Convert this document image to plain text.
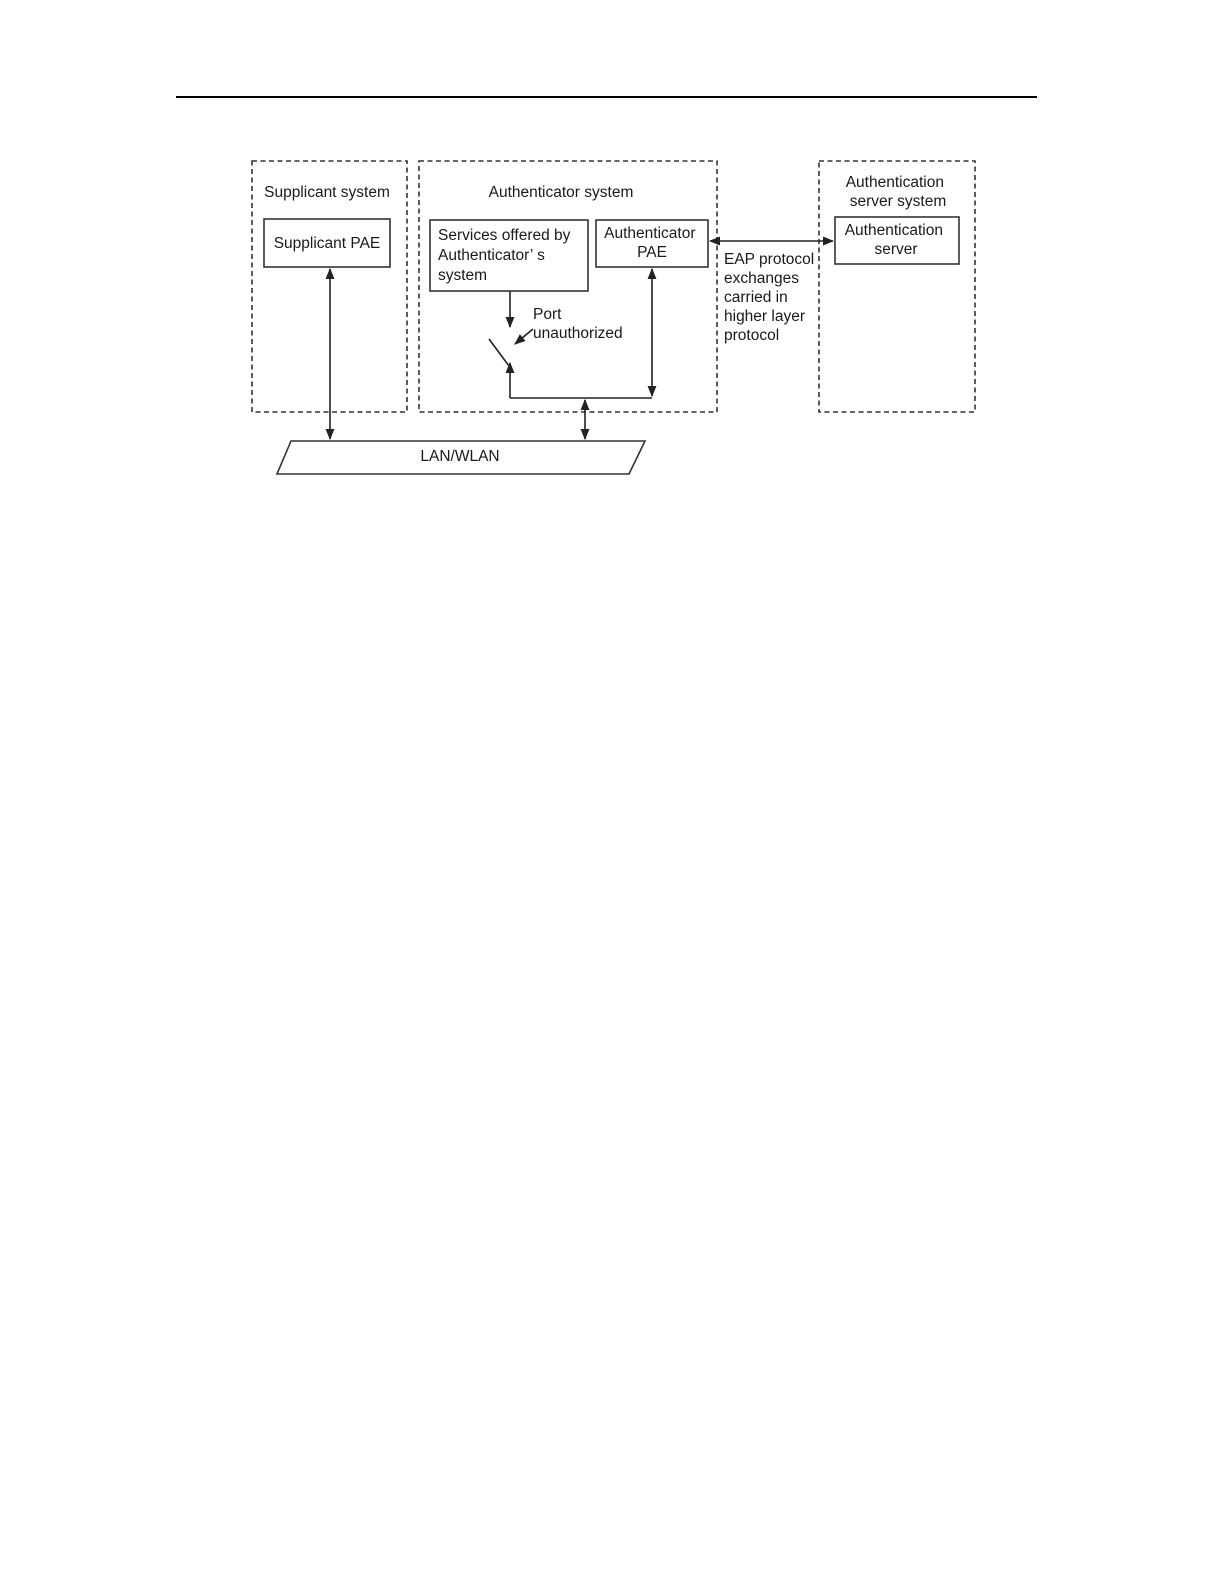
Supplicant system
Supplicant PAE
Authenticator system
Services offered by Authenticator’ s system
Authenticator PAE
Port unauthorized
Authentication server system
Authentication server
EAP protocol exchanges carried in higher layer protocol
LAN/WLAN
